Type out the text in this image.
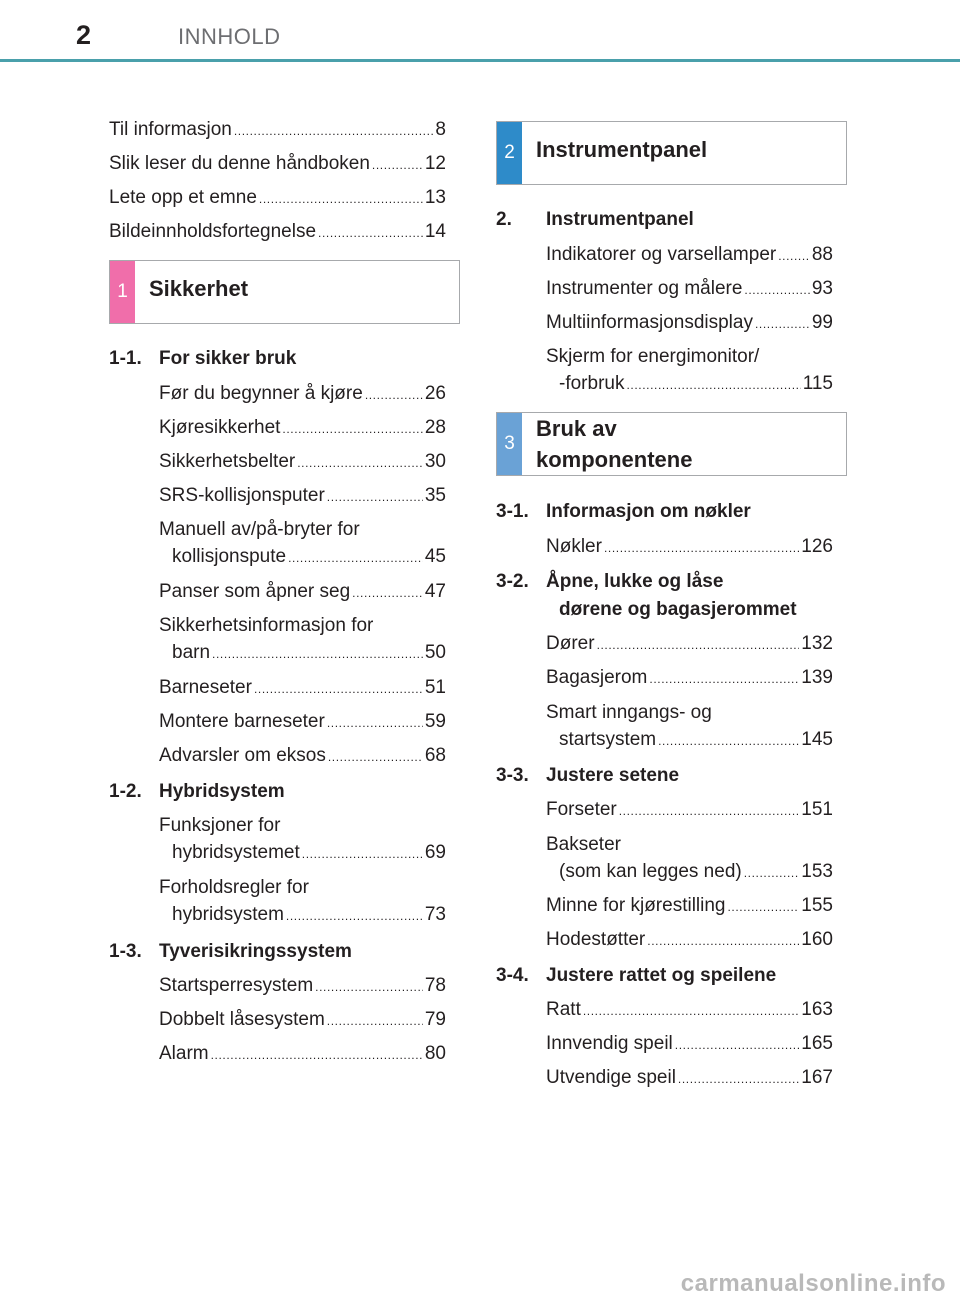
2	INNHOLD
Til informasjon .....	8
Slik leser du denne håndboken .....	12
Lete opp et emne .....	13
Bildeinnholdsfortegnelse .....	14
1 Sikkerhet
1-1. For sikker bruk
Før du begynner å kjøre .....	26
Kjøresikkerhet .....	28
Sikkerhetsbelter .....	30
SRS-kollisjonsputer .....	35
Manuell av/på-bryter for
kollisjonspute .....	45
Panser som åpner seg .....	47
Sikkerhetsinformasjon for
barn .....	50
Barneseter .....	51
Montere barneseter .....	59
Advarsler om eksos .....	68
1-2. Hybridsystem
Funksjoner for
hybridsystemet .....	69
Forholdsregler for
hybridsystem .....	73
1-3. Tyverisikringssystem
Startsperresystem .....	78
Dobbelt låsesystem .....	79
Alarm .....	80
2 Instrumentpanel
2.	Instrumentpanel
Indikatorer og varsellamper ..... 88
Instrumenter og målere .....	93
Multiinformasjonsdisplay .....	99
Skjerm for energimonitor/
-forbruk .....	115
3
Bruk av
komponentene
3-1. Informasjon om nøkler
Nøkler .....	126
3-2. Åpne, lukke og låse
dørene og bagasjerommet
Dører .....	132
Bagasjerom .....	139
Smart inngangs- og
startsystem .....	145
3-3. Justere setene
Forseter .....	151
Bakseter
(som kan legges ned) .....	153
Minne for kjørestilling .....	155
Hodestøtter .....	160
3-4. Justere rattet og speilene
Ratt .....	163
Innvendig speil .....	165
Utvendige speil .....	167
carmanualsonline.info
